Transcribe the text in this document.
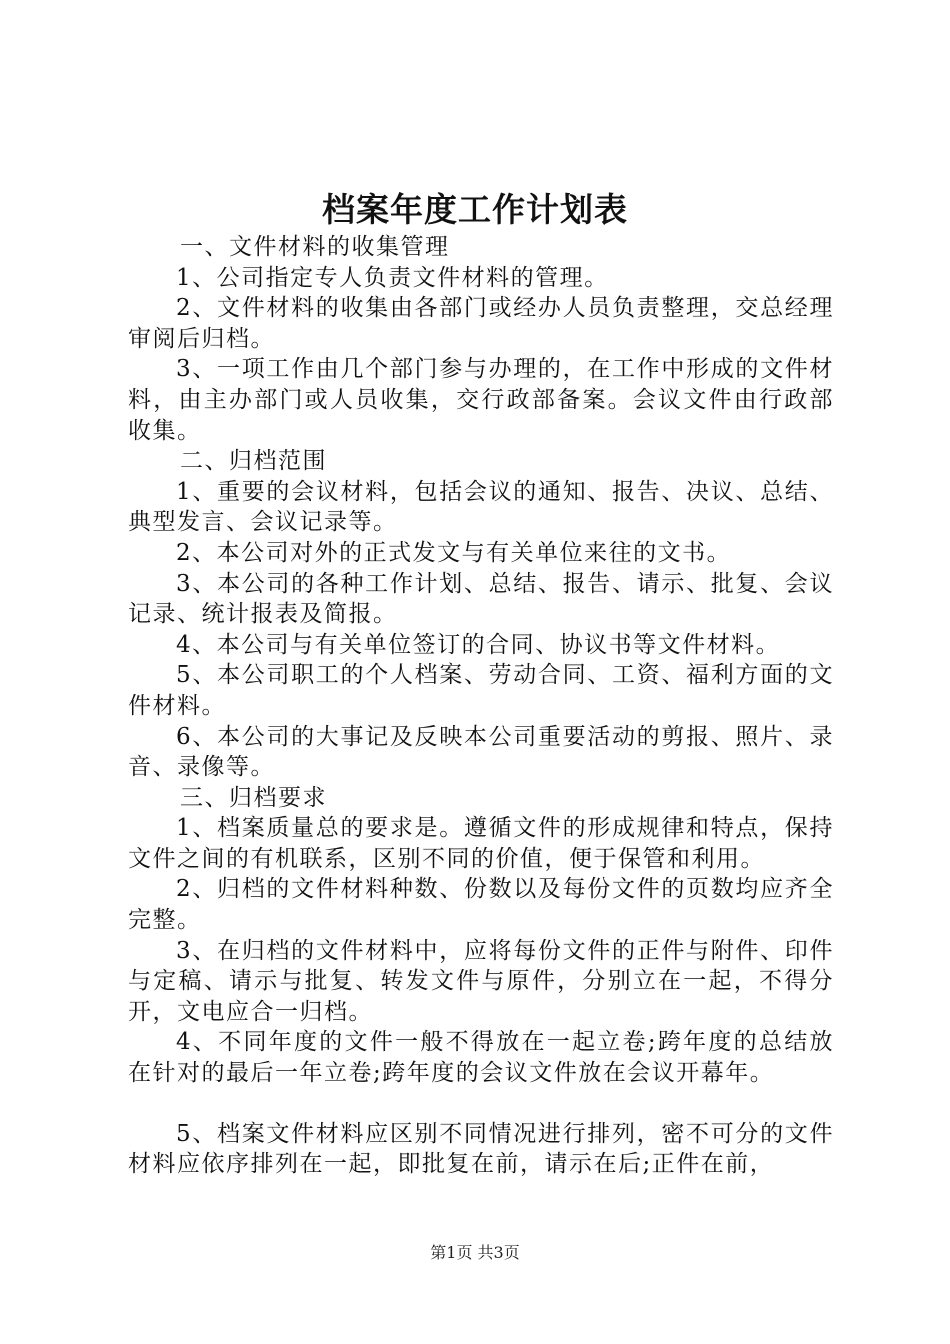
档案年度工作计划表

一、文件材料的收集管理

1、公司指定专人负责文件材料的管理。

2、文件材料的收集由各部门或经办人员负责整理，交总经理审阅后归档。

3、一项工作由几个部门参与办理的，在工作中形成的文件材料，由主办部门或人员收集，交行政部备案。会议文件由行政部收集。

二、归档范围

1、重要的会议材料，包括会议的通知、报告、决议、总结、典型发言、会议记录等。

2、本公司对外的正式发文与有关单位来往的文书。

3、本公司的各种工作计划、总结、报告、请示、批复、会议记录、统计报表及简报。

4、本公司与有关单位签订的合同、协议书等文件材料。

5、本公司职工的个人档案、劳动合同、工资、福利方面的文件材料。

6、本公司的大事记及反映本公司重要活动的剪报、照片、录音、录像等。

三、归档要求

1、档案质量总的要求是。遵循文件的形成规律和特点，保持文件之间的有机联系，区别不同的价值，便于保管和利用。

2、归档的文件材料种数、份数以及每份文件的页数均应齐全完整。

3、在归档的文件材料中，应将每份文件的正件与附件、印件与定稿、请示与批复、转发文件与原件，分别立在一起，不得分开，文电应合一归档。

4、不同年度的文件一般不得放在一起立卷;跨年度的总结放在针对的最后一年立卷;跨年度的会议文件放在会议开幕年。

5、档案文件材料应区别不同情况进行排列，密不可分的文件材料应依序排列在一起，即批复在前，请示在后;正件在前，

第1页 共3页
